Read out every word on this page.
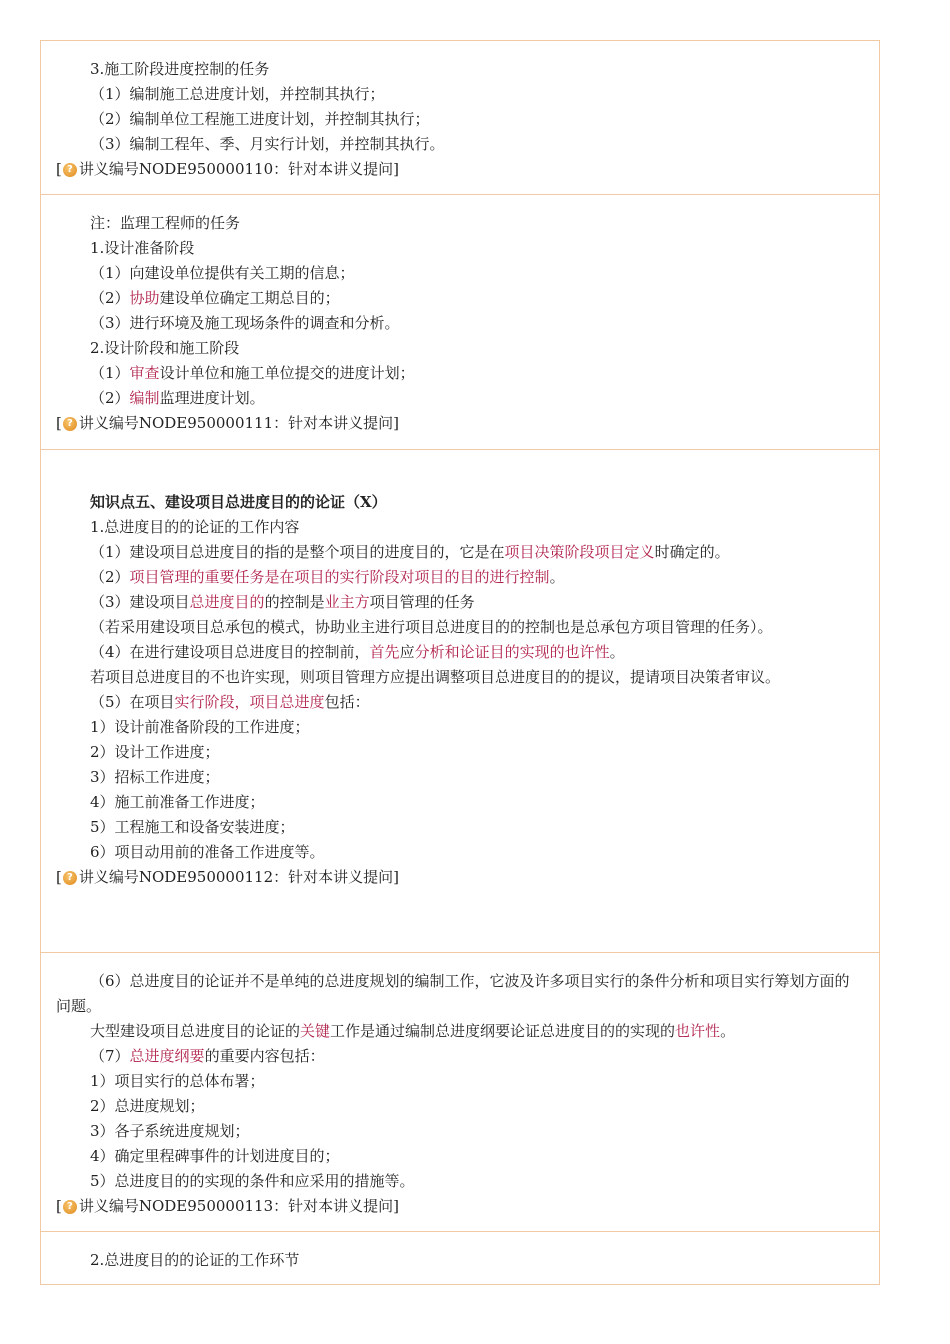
3.施工阶段进度控制的任务
（1）编制施工总进度计划，并控制其执行；
（2）编制单位工程施工进度计划，并控制其执行；
（3）编制工程年、季、月实行计划，并控制其执行。
[ ? 讲义编号NODE950000110：针对本讲义提问]
注：监理工程师的任务
1.设计准备阶段
（1）向建设单位提供有关工期的信息；
（2）协助建设单位确定工期总目的；
（3）进行环境及施工现场条件的调查和分析。
2.设计阶段和施工阶段
（1）审查设计单位和施工单位提交的进度计划；
（2）编制监理进度计划。
[ ? 讲义编号NODE950000111：针对本讲义提问]
知识点五、建设项目总进度目的的论证（X）
1.总进度目的的论证的工作内容
（1）建设项目总进度目的指的是整个项目的进度目的，它是在项目决策阶段项目定义时确定的。
（2）项目管理的重要任务是在项目的实行阶段对项目的目的进行控制。
（3）建设项目总进度目的的控制是业主方项目管理的任务
（若采用建设项目总承包的模式，协助业主进行项目总进度目的的控制也是总承包方项目管理的任务）。
（4）在进行建设项目总进度目的控制前，首先应分析和论证目的实现的也许性。
若项目总进度目的不也许实现，则项目管理方应提出调整项目总进度目的的提议，提请项目决策者审议。
（5）在项目实行阶段，项目总进度包括：
1）设计前准备阶段的工作进度；
2）设计工作进度；
3）招标工作进度；
4）施工前准备工作进度；
5）工程施工和设备安装进度；
6）项目动用前的准备工作进度等。
[ ? 讲义编号NODE950000112：针对本讲义提问]
（6）总进度目的论证并不是单纯的总进度规划的编制工作，它波及许多项目实行的条件分析和项目实行筹划方面的问题。
大型建设项目总进度目的论证的关键工作是通过编制总进度纲要论证总进度目的的实现的也许性。
（7）总进度纲要的重要内容包括：
1）项目实行的总体布署；
2）总进度规划；
3）各子系统进度规划；
4）确定里程碑事件的计划进度目的；
5）总进度目的的实现的条件和应采用的措施等。
[ ? 讲义编号NODE950000113：针对本讲义提问]
2.总进度目的的论证的工作环节
